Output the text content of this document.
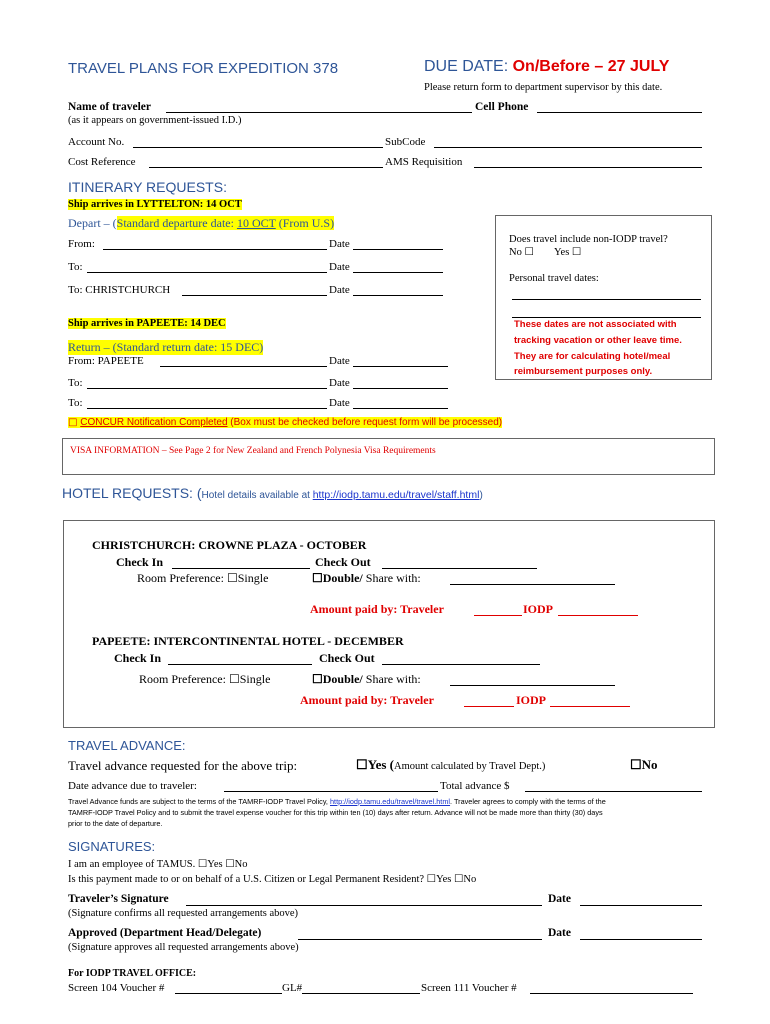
TRAVEL PLANS FOR EXPEDITION 378	DUE DATE: On/Before – 27 JULY
Please return form to department supervisor by this date.
Name of traveler	Cell Phone
(as it appears on government-issued I.D.)
Account No.	SubCode
Cost Reference	AMS Requisition
ITINERARY REQUESTS:
Ship arrives in LYTTELTON: 14 OCT
Depart – (Standard departure date: 10 OCT (From U.S)
From:	Date
To:	Date
To: CHRISTCHURCH	Date
Ship arrives in PAPEETE: 14 DEC
Return – (Standard return date: 15 DEC)
From: PAPEETE	Date
To:	Date
To:	Date
□ CONCUR Notification Completed (Box must be checked before request form will be processed)
VISA INFORMATION – See Page 2 for New Zealand and French Polynesia Visa Requirements
Does travel include non-IODP travel?
No ☐ Yes ☐
Personal travel dates:
These dates are not associated with
tracking vacation or other leave time.
They are for calculating hotel/meal
reimbursement purposes only.
HOTEL REQUESTS: (Hotel details available at http://iodp.tamu.edu/travel/staff.html)
CHRISTCHURCH: CROWNE PLAZA - OCTOBER
Check In	Check Out
Room Preference: ☐Single	☐Double/ Share with:
Amount paid by: Traveler	IODP
PAPEETE: INTERCONTINENTAL HOTEL - DECEMBER
Check In	Check Out
Room Preference: ☐Single	☐Double/ Share with:
Amount paid by: Traveler	IODP
TRAVEL ADVANCE:
Travel advance requested for the above trip:	☐Yes (Amount calculated by Travel Dept.)	☐No
Date advance due to traveler:	Total advance $
Travel Advance funds are subject to the terms of the TAMRF-IODP Travel Policy, http://iodp.tamu.edu/travel/travel.html. Traveler agrees to comply with the terms of the
TAMRF-IODP Travel Policy and to submit the travel expense voucher for this trip within ten (10) days after return. Advance will not be made more than thirty (30) days
prior to the date of departure.
SIGNATURES:
I am an employee of TAMUS. ☐Yes ☐No
Is this payment made to or on behalf of a U.S. Citizen or Legal Permanent Resident? ☐Yes ☐No
Traveler’s Signature	Date
(Signature confirms all requested arrangements above)
Approved (Department Head/Delegate)	Date
(Signature approves all requested arrangements above)
For IODP TRAVEL OFFICE:
Screen 104 Voucher #	GL#	Screen 111 Voucher #
